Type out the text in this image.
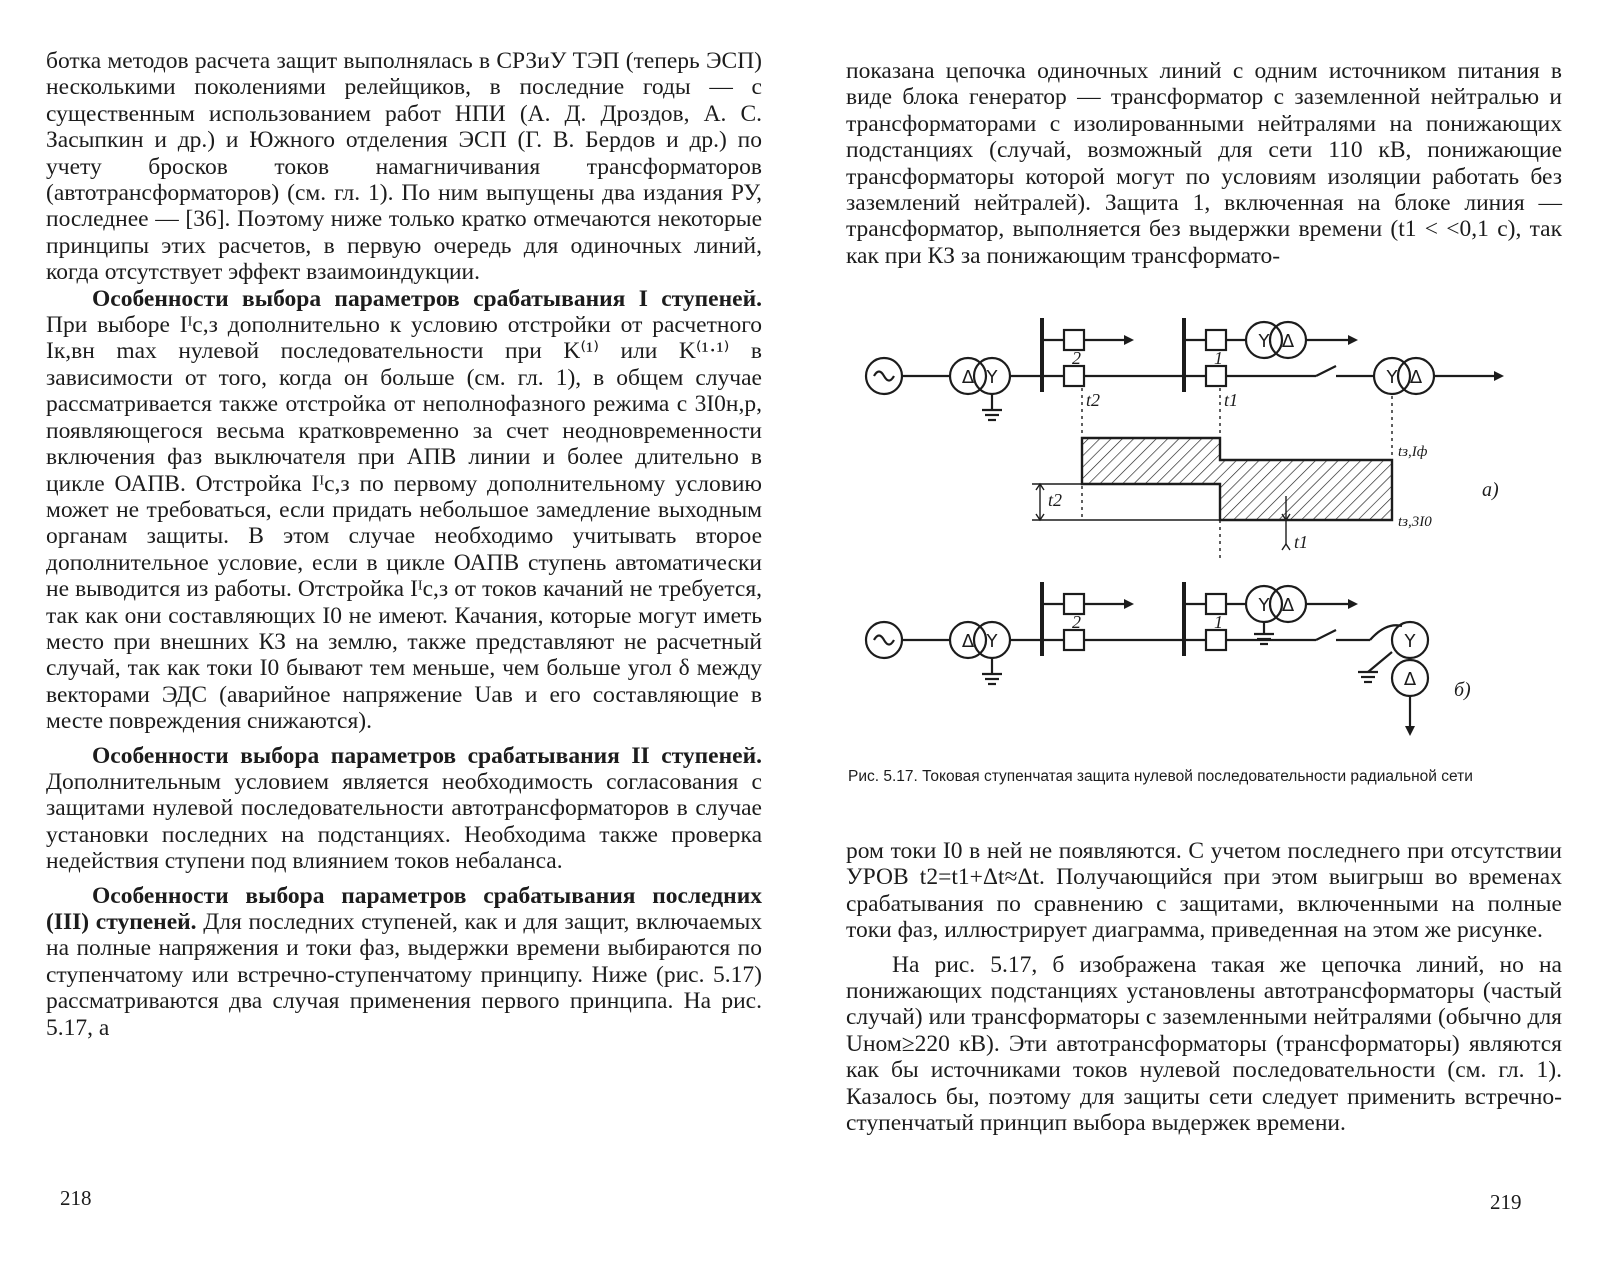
ботка методов расчета защит выполнялась в СРЗиУ ТЭП (теперь ЭСП) несколькими поколениями релейщиков, в последние годы — с существенным использованием работ НПИ (А. Д. Дроздов, А. С. Засыпкин и др.) и Южного отделения ЭСП (Г. В. Бердов и др.) по учету бросков токов намагничивания трансформаторов (автотрансформаторов) (см. гл. 1). По ним выпущены два издания РУ, последнее — [36]. Поэтому ниже только кратко отмечаются некоторые принципы этих расчетов, в первую очередь для одиночных линий, когда отсутствует эффект взаимоиндукции.

Особенности выбора параметров срабатывания I ступеней. При выборе Iᴵс,з дополнительно к условию отстройки от расчетного Iк,вн max нулевой последовательности при K⁽¹⁾ или K⁽¹·¹⁾ в зависимости от того, когда он больше (см. гл. 1), в общем случае рассматривается также отстройка от неполнофазного режима с 3I0н,р, появляющегося весьма кратковременно за счет неодновременности включения фаз выключателя при АПВ линии и более длительно в цикле ОАПВ. Отстройка Iᴵс,з по первому дополнительному условию может не требоваться, если придать небольшое замедление выходным органам защиты. В этом случае необходимо учитывать второе дополнительное условие, если в цикле ОАПВ ступень автоматически не выводится из работы. Отстройка Iᴵс,з от токов качаний не требуется, так как они составляющих I0 не имеют. Качания, которые могут иметь место при внешних КЗ на землю, также представляют не расчетный случай, так как токи I0 бывают тем меньше, чем больше угол δ между векторами ЭДС (аварийное напряжение Uав и его составляющие в месте повреждения снижаются).

Особенности выбора параметров срабатывания II ступеней. Дополнительным условием является необходимость согласования с защитами нулевой последовательности автотрансформаторов в случае установки последних на подстанциях. Необходима также проверка недействия ступени под влиянием токов небаланса.

Особенности выбора параметров срабатывания последних (III) ступеней. Для последних ступеней, как и для защит, включаемых на полные напряжения и токи фаз, выдержки времени выбираются по ступенчатому или встречно-ступенчатому принципу. Ниже (рис. 5.17) рассматриваются два случая применения первого принципа. На рис. 5.17, а

218

показана цепочка одиночных линий с одним источником питания в виде блока генератор — трансформатор с заземленной нейтралью и трансформаторами с изолированными нейтралями на понижающих подстанциях (случай, возможный для сети 110 кВ, понижающие трансформаторы которой могут по условиям изоляции работать без заземлений нейтралей). Защита 1, включенная на блоке линия — трансформатор, выполняется без выдержки времени (t1 < <0,1 с), так как при КЗ за понижающим трансформато-

2	1
t2	t1
tз,Iф
tз,3I0
t2
t1
а)
2	1
б)
Δ Y
Y Δ
Y Δ
Δ Y
Y Δ
Y
Δ
Рис. 5.17. Токовая ступенчатая защита нулевой последовательности радиальной сети

ром токи I0 в ней не появляются. С учетом последнего при отсутствии УРОВ t2=t1+Δt≈Δt. Получающийся при этом выигрыш во временах срабатывания по сравнению с защитами, включенными на полные токи фаз, иллюстрирует диаграмма, приведенная на этом же рисунке.

На рис. 5.17, б изображена такая же цепочка линий, но на понижающих подстанциях установлены автотрансформаторы (частый случай) или трансформаторы с заземленными нейтралями (обычно для Uном≥220 кВ). Эти автотрансформаторы (трансформаторы) являются как бы источниками токов нулевой последовательности (см. гл. 1). Казалось бы, поэтому для защиты сети следует применить встречно-ступенчатый принцип выбора выдержек времени.

219
